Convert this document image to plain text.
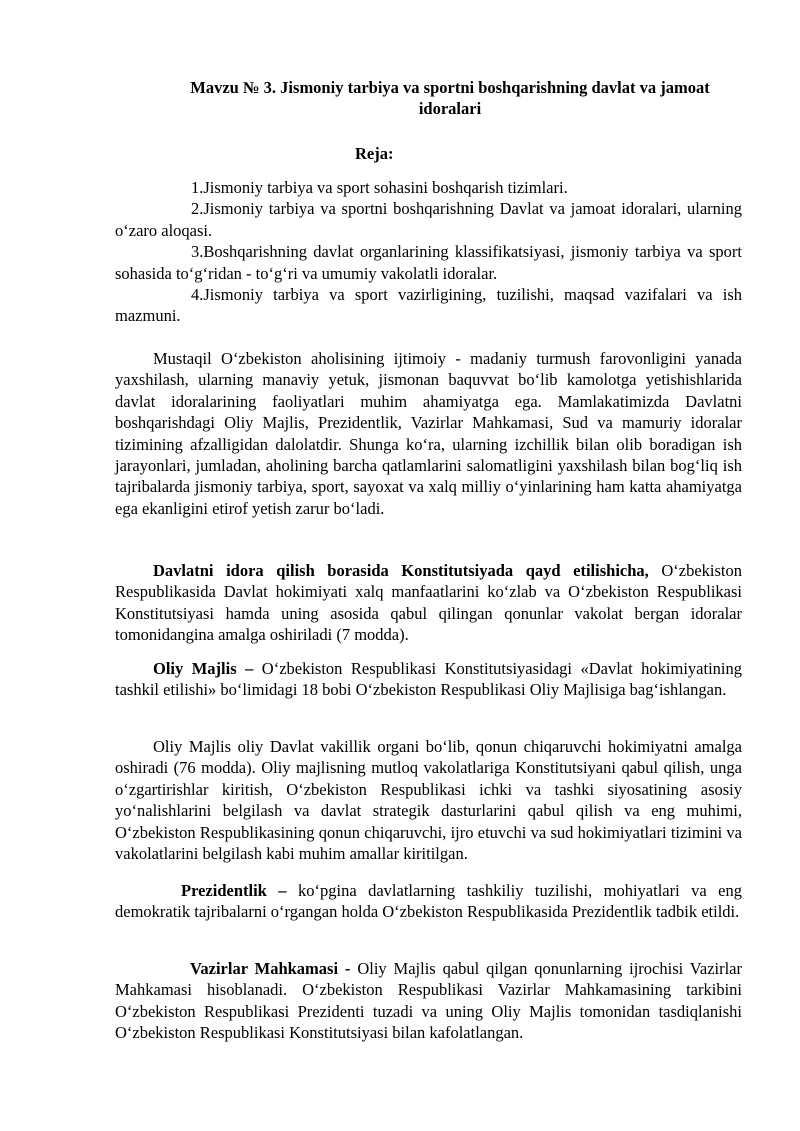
Mavzu № 3. Jismoniy tarbiya va sportni boshqarishning davlat va jamoat idoralari
Reja:

1.Jismoniy tarbiya va sport sohasini boshqarish tizimlari.

2.Jismoniy tarbiya va sportni boshqarishning Davlat va jamoat idoralari, ularning o‘zaro aloqasi.

3.Boshqarishning davlat organlarining klassifikatsiyasi, jismoniy tarbiya va sport sohasida to‘g‘ridan - to‘g‘ri va umumiy vakolatli idoralar.

4.Jismoniy tarbiya va sport vazirligining, tuzilishi, maqsad vazifalari va ish mazmuni.

Mustaqil O‘zbekiston aholisining ijtimoiy - madaniy turmush farovonligini yanada yaxshilash, ularning manaviy yetuk, jismonan baquvvat bo‘lib kamolotga yetishishlarida davlat idoralarining faoliyatlari muhim ahamiyatga ega. Mamlakatimizda Davlatni boshqarishdagi Oliy Majlis, Prezidentlik, Vazirlar Mahkamasi, Sud va mamuriy idoralar tizimining afzalligidan dalolatdir. Shunga ko‘ra, ularning izchillik bilan olib boradigan ish jarayonlari, jumladan, aholining barcha qatlamlarini salomatligini yaxshilash bilan bog‘liq ish tajribalarda jismoniy tarbiya, sport, sayoxat va xalq milliy o‘yinlarining ham katta ahamiyatga ega ekanligini etirof yetish zarur bo‘ladi.

Davlatni idora qilish borasida Konstitutsiyada qayd etilishicha, O‘zbekiston Respublikasida Davlat hokimiyati xalq manfaatlarini ko‘zlab va O‘zbekiston Respublikasi Konstitutsiyasi hamda uning asosida qabul qilingan qonunlar vakolat bergan idoralar tomonidangina amalga oshiriladi (7 modda).

Oliy Majlis – O‘zbekiston Respublikasi Konstitutsiyasidagi «Davlat hokimiyatining tashkil etilishi» bo‘limidagi 18 bobi O‘zbekiston Respublikasi Oliy Majlisiga bag‘ishlangan.

Oliy Majlis oliy Davlat vakillik organi bo‘lib, qonun chiqaruvchi hokimiyatni amalga oshiradi (76 modda). Oliy majlisning mutloq vakolatlariga Konstitutsiyani qabul qilish, unga o‘zgartirishlar kiritish, O‘zbekiston Respublikasi ichki va tashki siyosatining asosiy yo‘nalishlarini belgilash va davlat strategik dasturlarini qabul qilish va eng muhimi, O‘zbekiston Respublikasining qonun chiqaruvchi, ijro etuvchi va sud hokimiyatlari tizimini va vakolatlarini belgilash kabi muhim amallar kiritilgan.

Prezidentlik – ko‘pgina davlatlarning tashkiliy tuzilishi, mohiyatlari va eng demokratik tajribalarni o‘rgangan holda O‘zbekiston Respublikasida Prezidentlik tadbik etildi.

Vazirlar Mahkamasi - Oliy Majlis qabul qilgan qonunlarning ijrochisi Vazirlar Mahkamasi hisoblanadi. O‘zbekiston Respublikasi Vazirlar Mahkamasining tarkibini O‘zbekiston Respublikasi Prezidenti tuzadi va uning Oliy Majlis tomonidan tasdiqlanishi O‘zbekiston Respublikasi Konstitutsiyasi bilan kafolatlangan.
